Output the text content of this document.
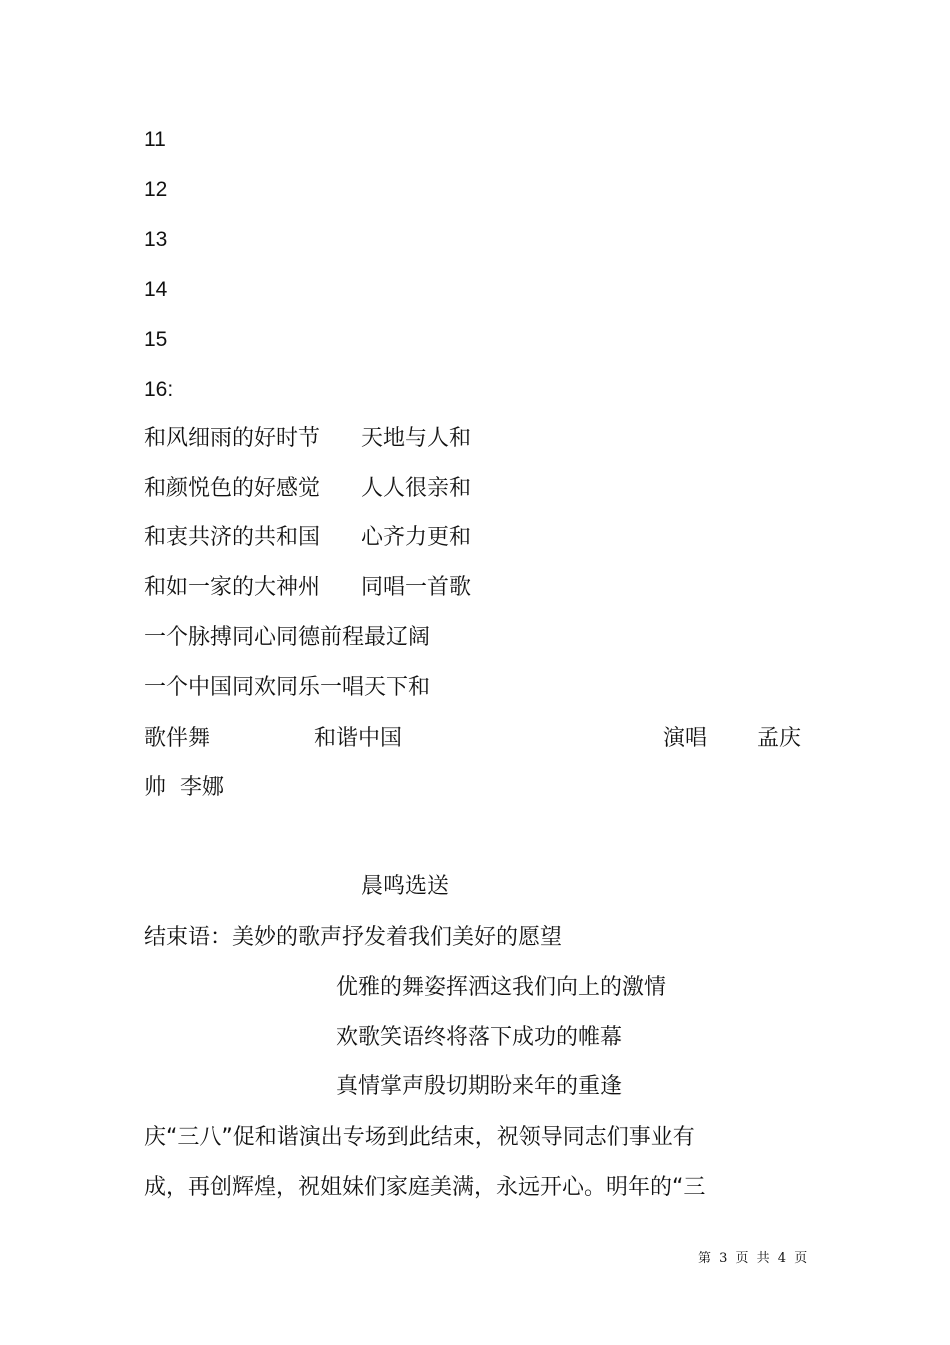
11
12
13
14
15
16:
和风细雨的好时节 天地与人和
和颜悦色的好感觉 人人很亲和
和衷共济的共和国 心齐力更和
和如一家的大神州 同唱一首歌
一个脉搏同心同德前程最辽阔
一个中国同欢同乐一唱天下和
歌伴舞	和谐中国	演唱 孟庆
帅  李娜
晨鸣选送
结束语：美妙的歌声抒发着我们美好的愿望
优雅的舞姿挥洒这我们向上的激情
欢歌笑语终将落下成功的帷幕
真情掌声殷切期盼来年的重逢
庆“三八”促和谐演出专场到此结束，祝领导同志们事业有
成，再创辉煌，祝姐妹们家庭美满，永远开心。明年的“三
第 3 页 共 4 页
